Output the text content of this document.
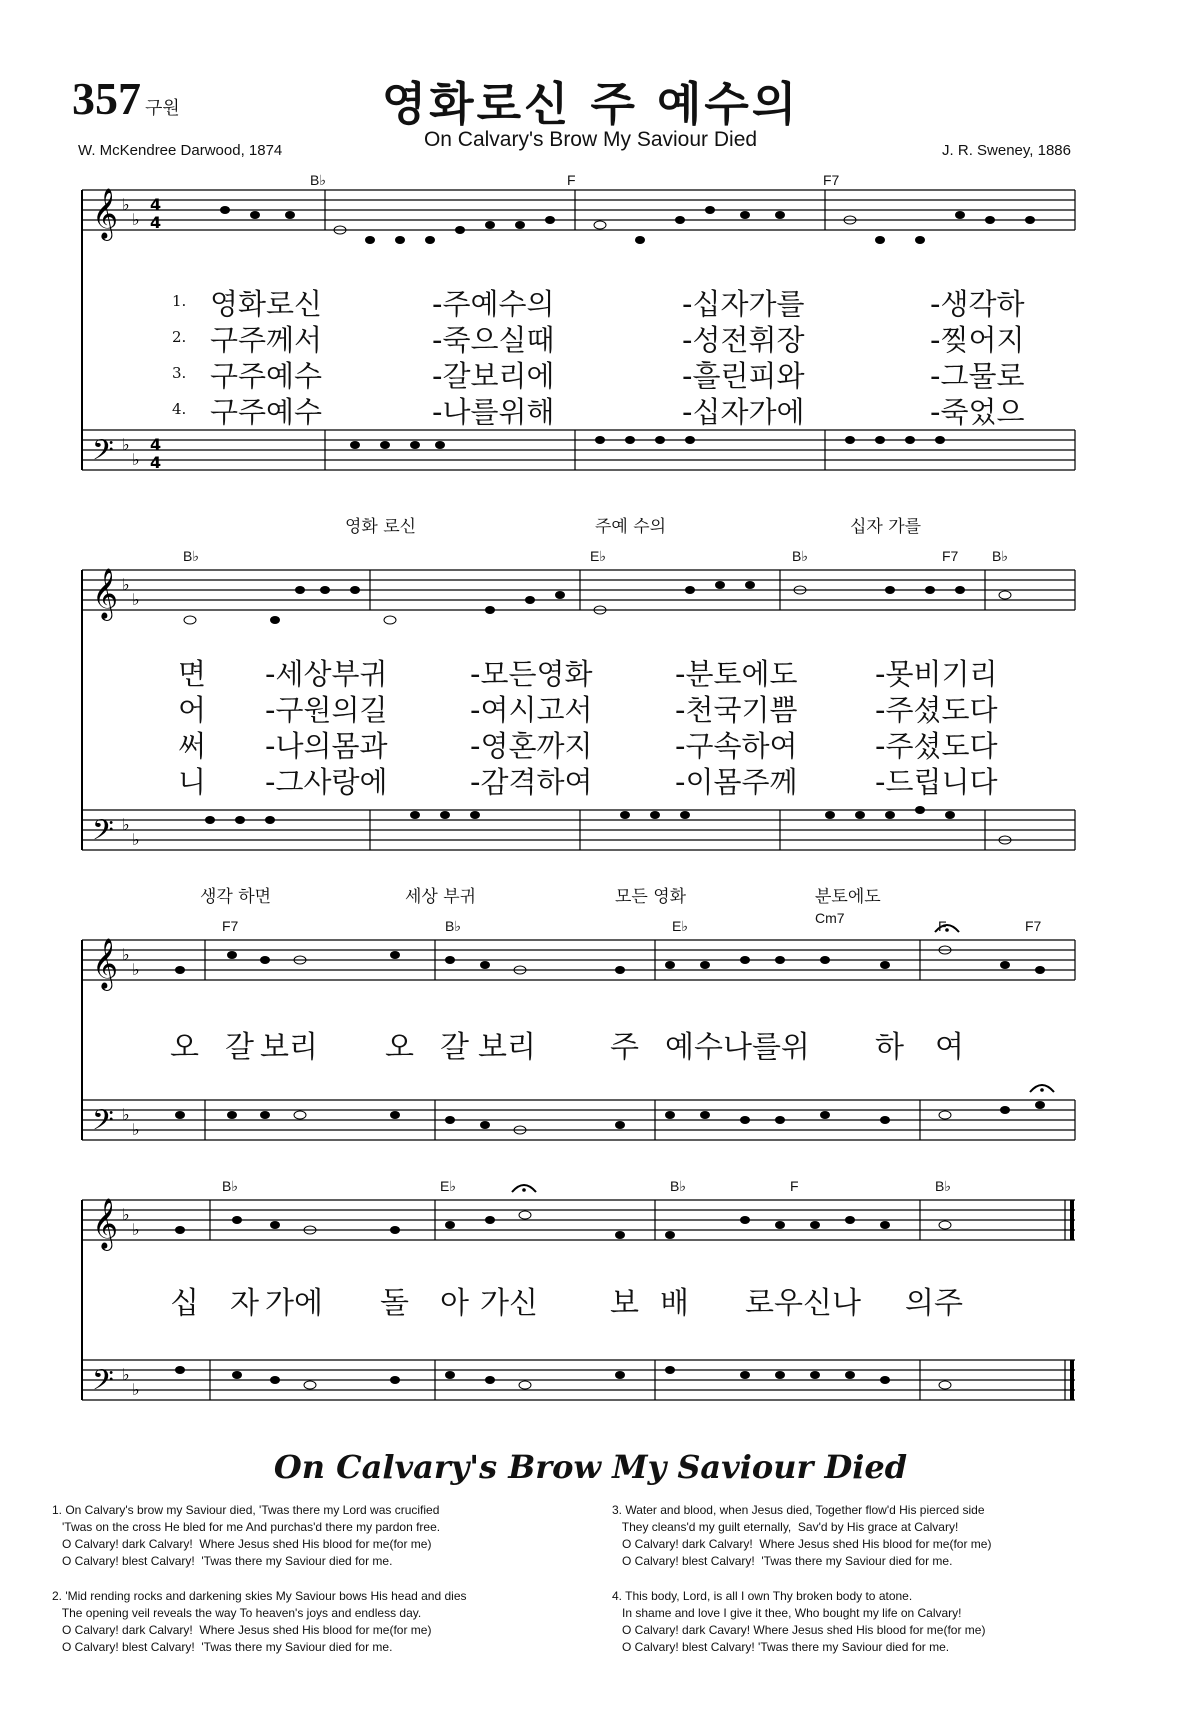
357 구원	영화로신 주 예수의
On Calvary's Brow My Saviour Died
W. McKendree Darwood, 1874	J. R. Sweney, 1886
𝄞
𝄢
♭
♭
♭
♭
4
4
4
4
B♭	F	F7
1. 영화로신	-주예수의	-십자가를	-생각하
2. 구주께서	-죽으실때	-성전휘장	-찢어지
3. 구주예수	-갈보리에	-흘린피와	-그물로
4. 구주예수	-나를위해	-십자가에	-죽었으
영화 로신	주예 수의	십자 가를
𝄞
𝄢
♭
♭
♭
♭
B♭	E♭	B♭	F7 B♭
면 -세상부귀	-모든영화	-분토에도	-못비기리
어 -구원의길	-여시고서	-천국기쁨	-주셨도다
써 -나의몸과	-영혼까지	-구속하여	-주셨도다
니 -그사랑에	-감격하여	-이몸주께	-드립니다
생각 하면	세상 부귀	모든 영화	분토에도
𝄞
𝄢
♭
♭
♭
♭
F7	B♭	E♭	Cm7	F	F7
오 갈 보리 오 갈 보리 주 예수나를위 하 여
𝄞
𝄢
♭
♭
♭
♭
B♭	E♭	B♭	F	B♭
십 자 가에 돌 아 가신 보 배 로우신나 의주
On Calvary's Brow My Saviour Died
1. On Calvary's brow my Saviour died, 'Twas there my Lord was crucified
'Twas on the cross He bled for me And purchas'd there my pardon free.
O Calvary! dark Calvary!  Where Jesus shed His blood for me(for me)
O Calvary! blest Calvary!  'Twas there my Saviour died for me.
2. 'Mid rending rocks and darkening skies My Saviour bows His head and dies
The opening veil reveals the way To heaven's joys and endless day.
O Calvary! dark Calvary!  Where Jesus shed His blood for me(for me)
O Calvary! blest Calvary!  'Twas there my Saviour died for me.
3. Water and blood, when Jesus died, Together flow'd His pierced side
They cleans'd my guilt eternally,  Sav'd by His grace at Calvary!
O Calvary! dark Calvary!  Where Jesus shed His blood for me(for me)
O Calvary! blest Calvary!  'Twas there my Saviour died for me.
4. This body, Lord, is all I own Thy broken body to atone.
In shame and love I give it thee, Who bought my life on Calvary!
O Calvary! dark Cavary! Where Jesus shed His blood for me(for me)
O Calvary! blest Calvary! 'Twas there my Saviour died for me.
